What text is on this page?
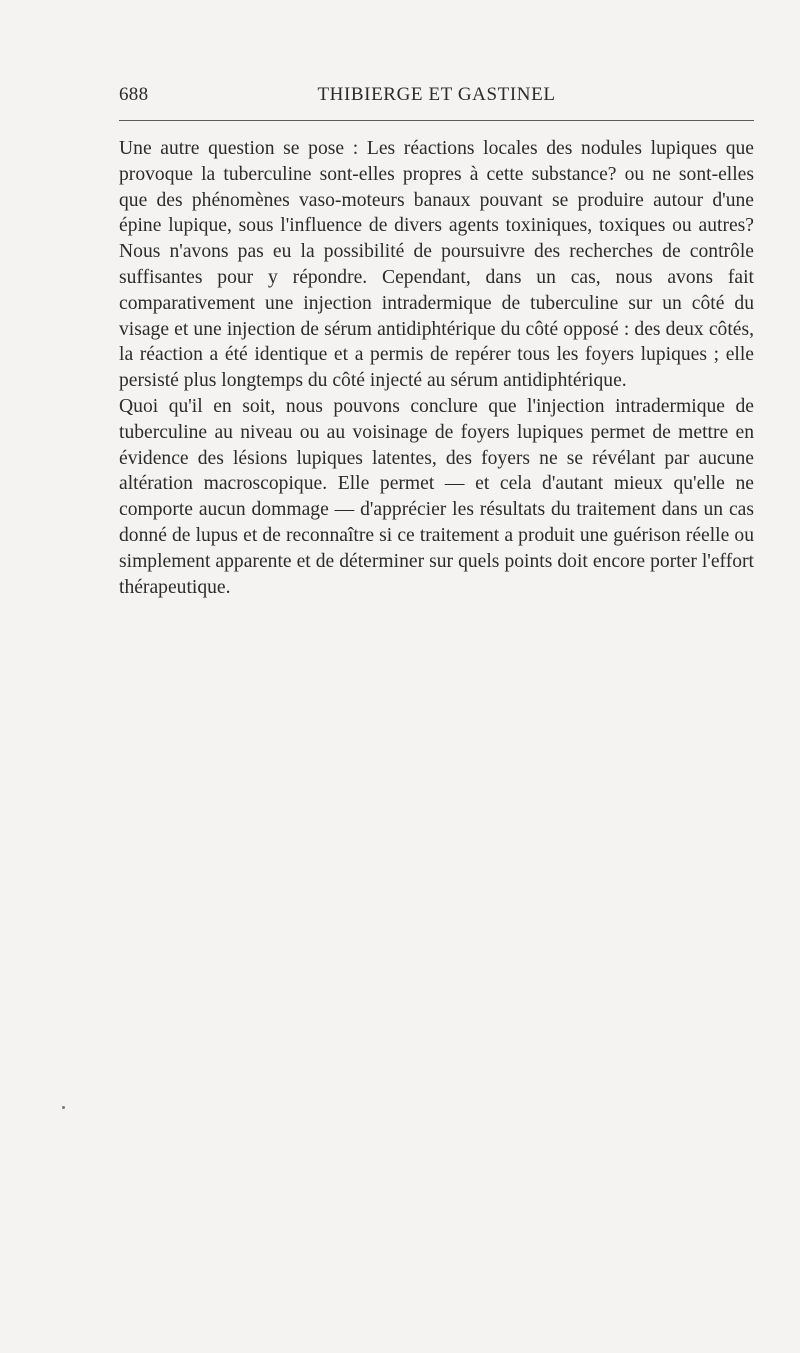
688	THIBIERGE ET GASTINEL

Une autre question se pose : Les réactions locales des nodules lupiques que provoque la tuberculine sont-elles propres à cette substance? ou ne sont-elles que des phénomènes vaso-moteurs banaux pouvant se produire autour d'une épine lupique, sous l'influence de divers agents toxiniques, toxiques ou autres? Nous n'avons pas eu la possibilité de poursuivre des recherches de contrôle suffisantes pour y répondre. Cependant, dans un cas, nous avons fait comparativement une injection intradermique de tuberculine sur un côté du visage et une injection de sérum antidiphtérique du côté opposé : des deux côtés, la réaction a été identique et a permis de repérer tous les foyers lupiques ; elle persisté plus longtemps du côté injecté au sérum antidiphtérique.

Quoi qu'il en soit, nous pouvons conclure que l'injection intradermique de tuberculine au niveau ou au voisinage de foyers lupiques permet de mettre en évidence des lésions lupiques latentes, des foyers ne se révélant par aucune altération macroscopique. Elle permet — et cela d'autant mieux qu'elle ne comporte aucun dommage — d'apprécier les résultats du traitement dans un cas donné de lupus et de reconnaître si ce traitement a produit une guérison réelle ou simplement apparente et de déterminer sur quels points doit encore porter l'effort thérapeutique.
